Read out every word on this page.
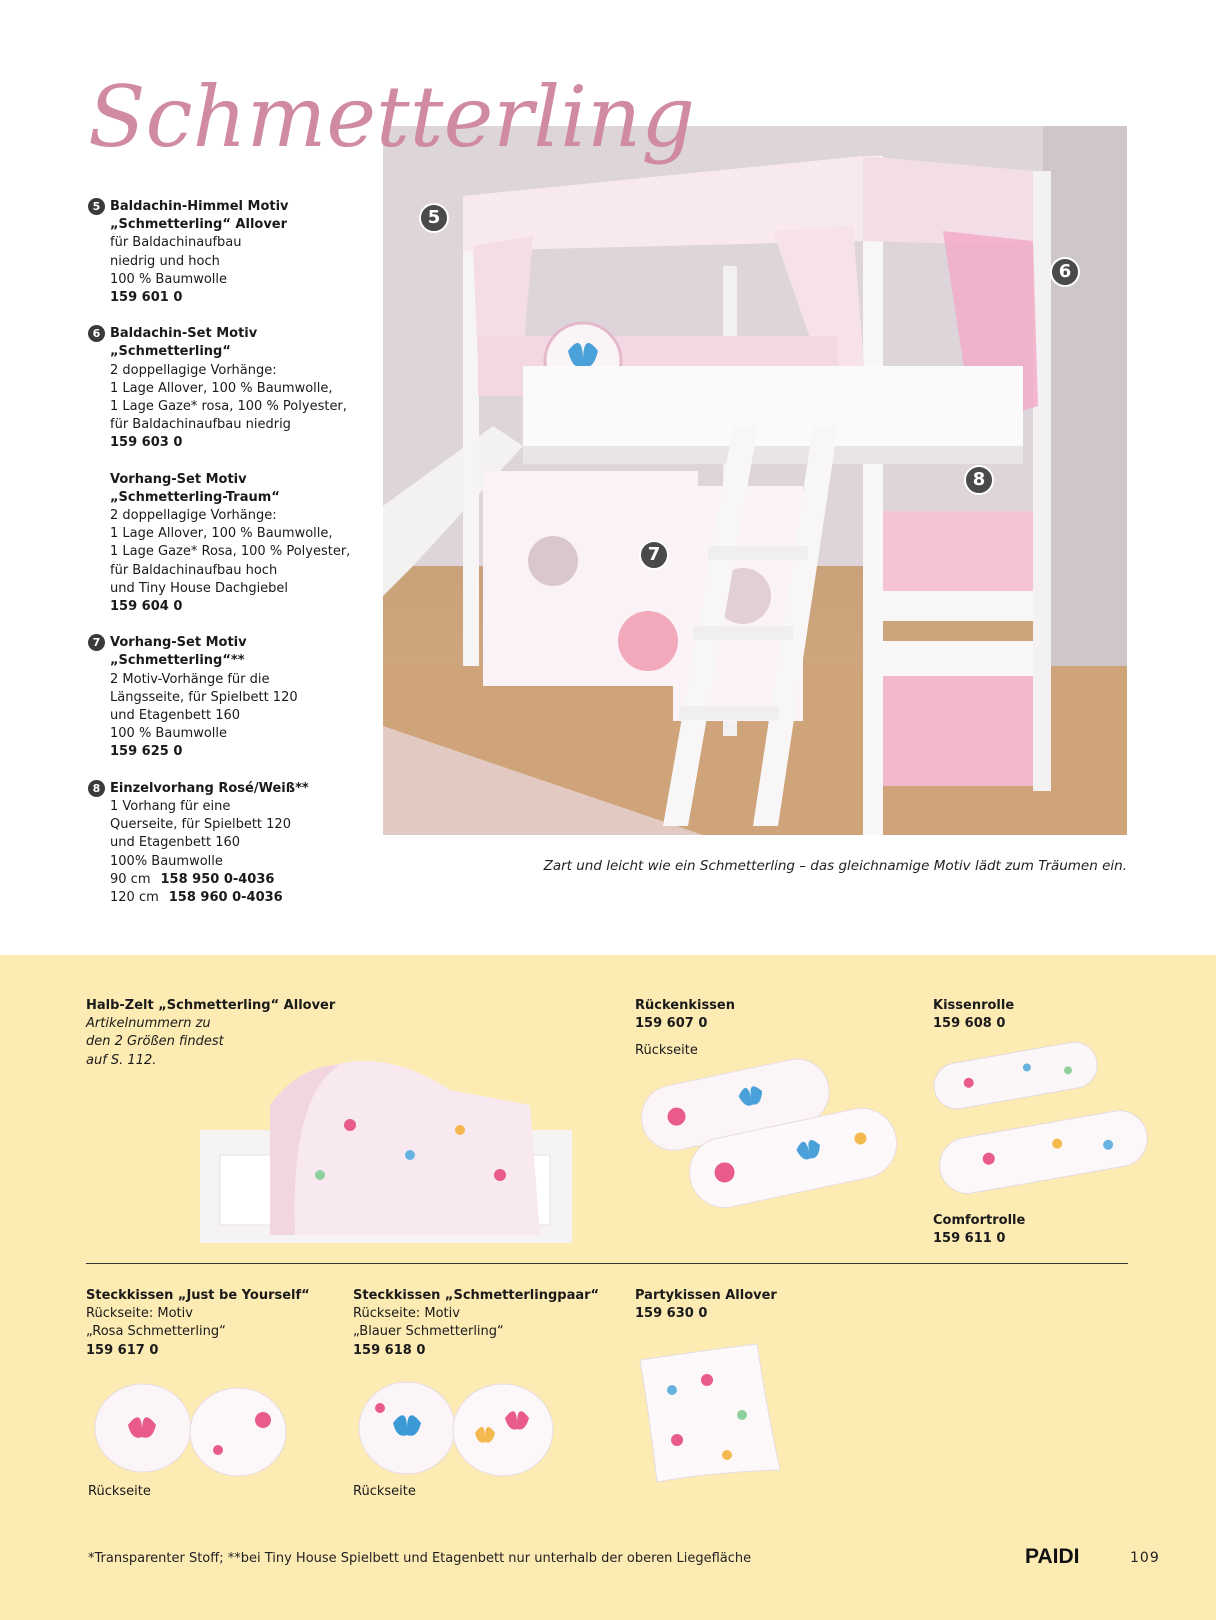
Schmetterling
5 Baldachin-Himmel Motiv
„Schmetterling“ Allover
für Baldachinaufbau
niedrig und hoch
100 % Baumwolle
159 601 0
6 Baldachin-Set Motiv
„Schmetterling“
2 doppellagige Vorhänge:
1 Lage Allover, 100 % Baumwolle,
1 Lage Gaze* rosa, 100 % Polyester,
für Baldachinaufbau niedrig
159 603 0
Vorhang-Set Motiv
„Schmetterling-Traum“
2 doppellagige Vorhänge:
1 Lage Allover, 100 % Baumwolle,
1 Lage Gaze* Rosa, 100 % Polyester,
für Baldachinaufbau hoch
und Tiny House Dachgiebel
159 604 0
7 Vorhang-Set Motiv
„Schmetterling“**
2 Motiv-Vorhänge für die
Längsseite, für Spielbett 120
und Etagenbett 160
100 % Baumwolle
159 625 0
8 Einzelvorhang Rosé/Weiß**
1 Vorhang für eine
Querseite, für Spielbett 120
und Etagenbett 160
100% Baumwolle
90 cm 158 950 0-4036
120 cm 158 960 0-4036
5
6
7
8
Zart und leicht wie ein Schmetterling – das gleichnamige Motiv lädt zum Träumen ein.
Halb-Zelt „Schmetterling“ Allover
Artikelnummern zu
den 2 Größen findest
auf S. 112.
Rückenkissen
159 607 0
Rückseite
Kissenrolle
159 608 0
Comfortrolle
159 611 0
Steckkissen „Just be Yourself“
Rückseite: Motiv
„Rosa Schmetterling“
159 617 0
Rückseite
Steckkissen „Schmetterlingpaar“
Rückseite: Motiv
„Blauer Schmetterling“
159 618 0
Rückseite
Partykissen Allover
159 630 0
*Transparenter Stoff; **bei Tiny House Spielbett und Etagenbett nur unterhalb der oberen Liegefläche	PAIDI	109
